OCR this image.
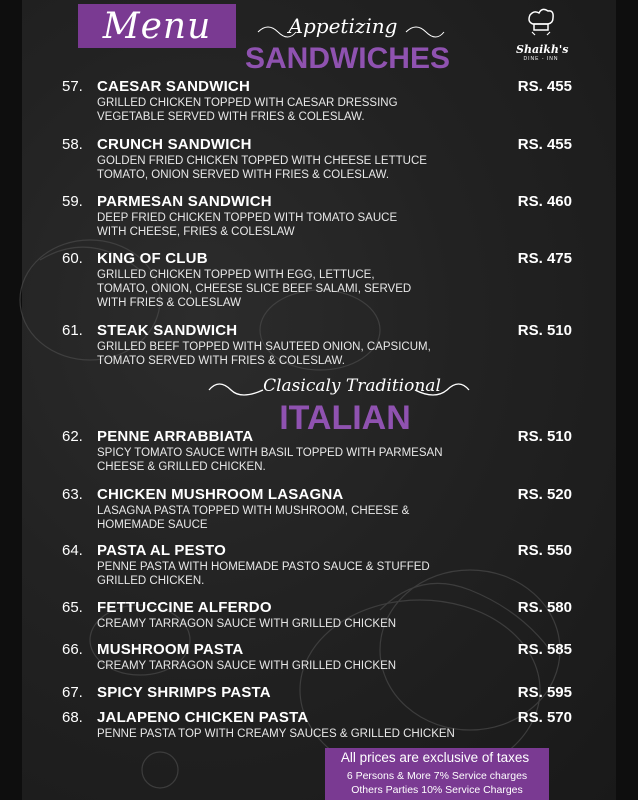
Menu
Shaikh's
DINE - INN
Appetizing
SANDWICHES
Clasicaly Traditional
ITALIAN
57. CAESAR SANDWICH	RS. 455
GRILLED CHICKEN TOPPED WITH CAESAR DRESSING
VEGETABLE SERVED WITH FRIES & COLESLAW.
58. CRUNCH SANDWICH	RS. 455
GOLDEN FRIED CHICKEN TOPPED WITH CHEESE LETTUCE
TOMATO, ONION SERVED WITH FRIES & COLESLAW.
59. PARMESAN SANDWICH	RS. 460
DEEP FRIED CHICKEN TOPPED WITH TOMATO SAUCE
WITH CHEESE, FRIES & COLESLAW
60. KING OF CLUB	RS. 475
GRILLED CHICKEN TOPPED WITH EGG, LETTUCE,
TOMATO, ONION, CHEESE SLICE BEEF SALAMI, SERVED
WITH FRIES & COLESLAW
61. STEAK SANDWICH	RS. 510
GRILLED BEEF TOPPED WITH SAUTEED ONION, CAPSICUM,
TOMATO SERVED WITH FRIES & COLESLAW.
62. PENNE ARRABBIATA	RS. 510
SPICY TOMATO SAUCE WITH BASIL TOPPED WITH PARMESAN
CHEESE & GRILLED CHICKEN.
63. CHICKEN MUSHROOM LASAGNA	RS. 520
LASAGNA PASTA TOPPED WITH MUSHROOM, CHEESE &
HOMEMADE SAUCE
64. PASTA AL PESTO	RS. 550
PENNE PASTA WITH HOMEMADE PASTO SAUCE & STUFFED
GRILLED CHICKEN.
65. FETTUCCINE ALFERDO	RS. 580
CREAMY TARRAGON SAUCE WITH GRILLED CHICKEN
66. MUSHROOM PASTA	RS. 585
CREAMY TARRAGON SAUCE WITH GRILLED CHICKEN
67. SPICY SHRIMPS PASTA	RS. 595
68. JALAPENO CHICKEN PASTA	RS. 570
PENNE PASTA TOP WITH CREAMY SAUCES & GRILLED CHICKEN
All prices are exclusive of taxes
6 Persons & More 7% Service charges
Others Parties 10% Service Charges
